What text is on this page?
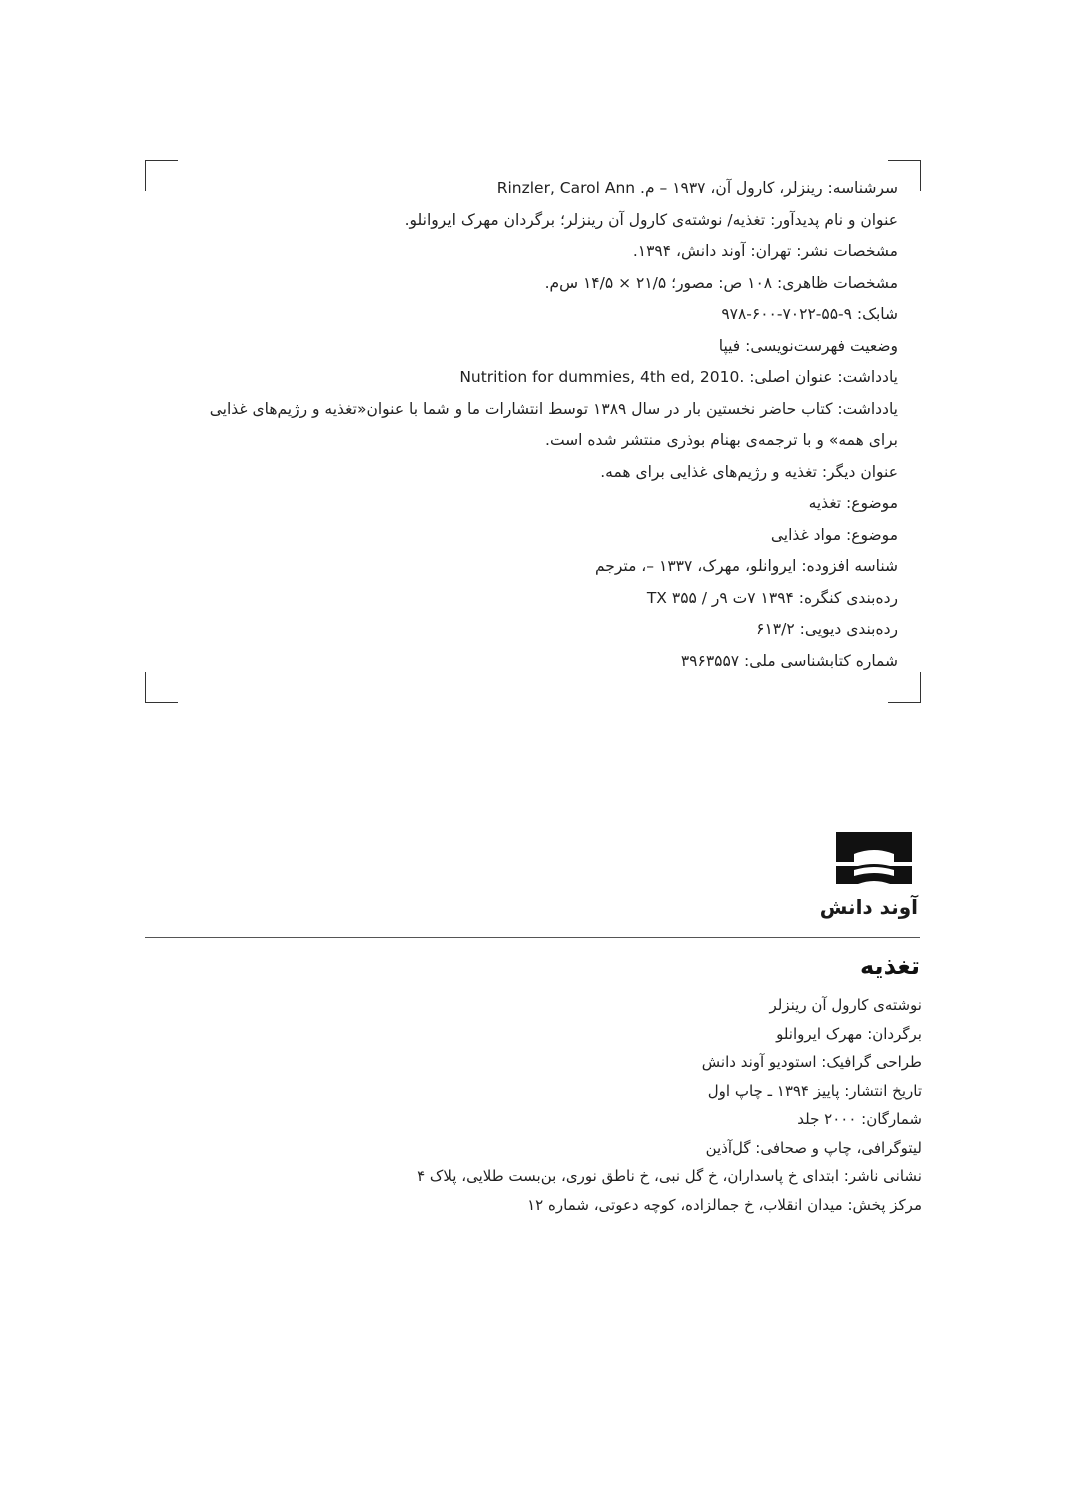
سرشناسه: رینزلر، کارول آن، ۱۹۳۷ – م. Rinzler, Carol Ann
عنوان و نام پدیدآور: تغذیه/ نوشته‌ی کارول آن رینزلر؛ برگردان مهرک ایروانلو.
مشخصات نشر: تهران: آوند دانش، ۱۳۹۴.
مشخصات ظاهری: ۱۰۸ ص: مصور؛ ۲۱/۵ × ۱۴/۵ س‌م.
شابک: ۹-۵۵-۷۰۲۲-۶۰۰-۹۷۸
وضعیت فهرست‌نویسی: فیپا
یادداشت: عنوان اصلی: .Nutrition for dummies, 4th ed, 2010
یادداشت: کتاب حاضر نخستین بار در سال ۱۳۸۹ توسط انتشارات ما و شما با عنوان«تغذیه و رژیم‌های غذایی برای همه» و با ترجمه‌ی بهنام بوذری منتشر شده است.
عنوان دیگر: تغذیه و رژیم‌های غذایی برای همه.
موضوع: تغذیه
موضوع: مواد غذایی
شناسه افزوده: ایروانلو، مهرک، ۱۳۳۷ –، مترجم
رده‌بندی کنگره: ۱۳۹۴ ۷ت ۹ر / ۳۵۵ TX
رده‌بندی دیویی: ۶۱۳/۲
شماره کتابشناسی ملی: ۳۹۶۳۵۵۷
آوند دانش
تغذیه
نوشته‌ی کارول آن رینزلر
برگردان: مهرک ایروانلو
طراحی گرافیک: استودیو آوند دانش
تاریخ انتشار: پاییز ۱۳۹۴ ـ چاپ اول
شمارگان: ۲۰۰۰ جلد
لیتوگرافی، چاپ و صحافی: گل‌آذین
نشانی ناشر: ابتدای خ پاسداران، خ گل نبی، خ ناطق نوری، بن‌بست طلایی، پلاک ۴
مرکز پخش: میدان انقلاب، خ جمالزاده، کوچه دعوتی، شماره ۱۲
